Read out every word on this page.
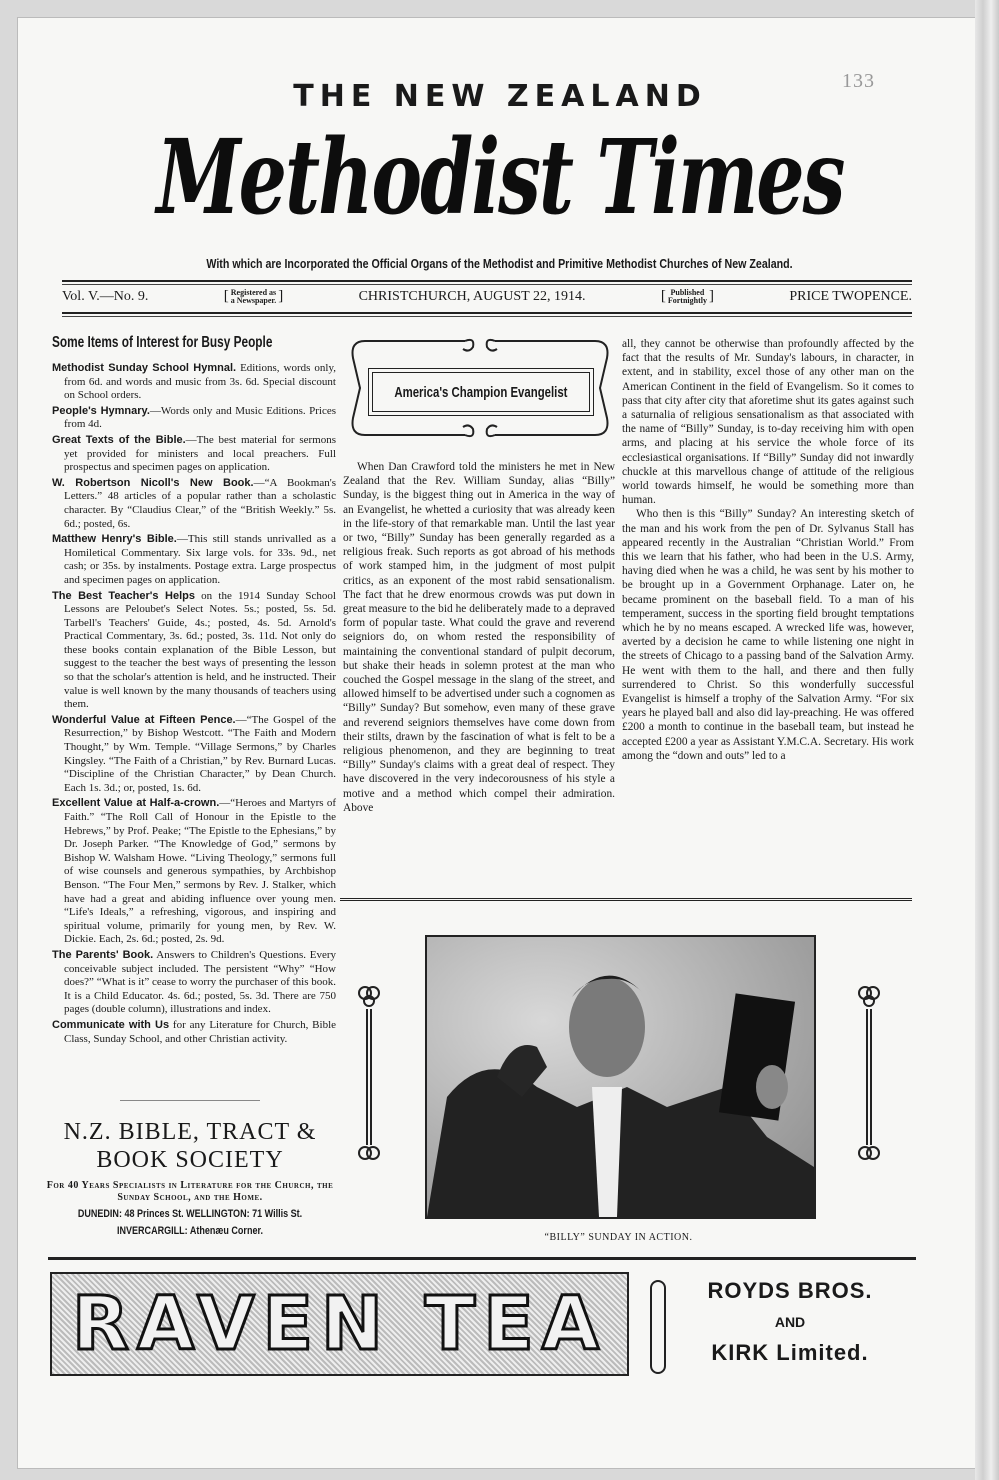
133
THE NEW ZEALAND
Methodist Times
With which are Incorporated the Official Organs of the Methodist and Primitive Methodist Churches of New Zealand.
Vol. V.—No. 9.	[ Registered as
a Newspaper. ]	CHRISTCHURCH, AUGUST 22, 1914.	[ Published
Fortnightly ]	PRICE TWOPENCE.
Some Items of Interest for Busy People

Methodist Sunday School Hymnal. Editions, words only, from 6d. and words and music from 3s. 6d. Special discount on School orders.

People's Hymnary.—Words only and Music Editions. Prices from 4d.

Great Texts of the Bible.—The best material for sermons yet provided for ministers and local preachers. Full prospectus and specimen pages on application.

W. Robertson Nicoll's New Book.—“A Bookman's Letters.” 48 articles of a popular rather than a scholastic character. By “Claudius Clear,” of the “British Weekly.” 5s. 6d.; posted, 6s.

Matthew Henry's Bible.—This still stands unrivalled as a Homiletical Commentary. Six large vols. for 33s. 9d., net cash; or 35s. by instalments. Postage extra. Large prospectus and specimen pages on application.

The Best Teacher's Helps on the 1914 Sunday School Lessons are Peloubet's Select Notes. 5s.; posted, 5s. 5d. Tarbell's Teachers' Guide, 4s.; posted, 4s. 5d. Arnold's Practical Commentary, 3s. 6d.; posted, 3s. 11d. Not only do these books contain explanation of the Bible Lesson, but suggest to the teacher the best ways of presenting the lesson so that the scholar's attention is held, and he instructed. Their value is well known by the many thousands of teachers using them.

Wonderful Value at Fifteen Pence.—“The Gospel of the Resurrection,” by Bishop Westcott. “The Faith and Modern Thought,” by Wm. Temple. “Village Sermons,” by Charles Kingsley. “The Faith of a Christian,” by Rev. Burnard Lucas. “Discipline of the Christian Character,” by Dean Church. Each 1s. 3d.; or, posted, 1s. 6d.

Excellent Value at Half-a-crown.—“Heroes and Martyrs of Faith.” “The Roll Call of Honour in the Epistle to the Hebrews,” by Prof. Peake; “The Epistle to the Ephesians,” by Dr. Joseph Parker. “The Knowledge of God,” sermons by Bishop W. Walsham Howe. “Living Theology,” sermons full of wise counsels and generous sympathies, by Archbishop Benson. “The Four Men,” sermons by Rev. J. Stalker, which have had a great and abiding influence over young men. “Life's Ideals,” a refreshing, vigorous, and inspiring and spiritual volume, primarily for young men, by Rev. W. Dickie. Each, 2s. 6d.; posted, 2s. 9d.

The Parents' Book. Answers to Children's Questions. Every conceivable subject included. The persistent “Why” “How does?” “What is it” cease to worry the purchaser of this book. It is a Child Educator. 4s. 6d.; posted, 5s. 3d. There are 750 pages (double column), illustrations and index.

Communicate with Us for any Literature for Church, Bible Class, Sunday School, and other Christian activity.

America's Champion Evangelist

When Dan Crawford told the ministers he met in New Zealand that the Rev. William Sunday, alias “Billy” Sunday, is the biggest thing out in America in the way of an Evangelist, he whetted a curiosity that was already keen in the life-story of that remarkable man. Until the last year or two, “Billy” Sunday has been generally regarded as a religious freak. Such reports as got abroad of his methods of work stamped him, in the judgment of most pulpit critics, as an exponent of the most rabid sensationalism. The fact that he drew enormous crowds was put down in great measure to the bid he deliberately made to a depraved form of popular taste. What could the grave and reverend seigniors do, on whom rested the responsibility of maintaining the conventional standard of pulpit decorum, but shake their heads in solemn protest at the man who couched the Gospel message in the slang of the street, and allowed himself to be advertised under such a cognomen as “Billy” Sunday? But somehow, even many of these grave and reverend seigniors themselves have come down from their stilts, drawn by the fascination of what is felt to be a religious phenomenon, and they are beginning to treat “Billy” Sunday's claims with a great deal of respect. They have discovered in the very indecorousness of his style a motive and a method which compel their admiration. Above

all, they cannot be otherwise than profoundly affected by the fact that the results of Mr. Sunday's labours, in character, in extent, and in stability, excel those of any other man on the American Continent in the field of Evangelism. So it comes to pass that city after city that aforetime shut its gates against such a saturnalia of religious sensationalism as that associated with the name of “Billy” Sunday, is to-day receiving him with open arms, and placing at his service the whole force of its ecclesiastical organisations. If “Billy” Sunday did not inwardly chuckle at this marvellous change of attitude of the religious world towards himself, he would be something more than human.

Who then is this “Billy” Sunday? An interesting sketch of the man and his work from the pen of Dr. Sylvanus Stall has appeared recently in the Australian “Christian World.” From this we learn that his father, who had been in the U.S. Army, having died when he was a child, he was sent by his mother to be brought up in a Government Orphanage. Later on, he became prominent on the baseball field. To a man of his temperament, success in the sporting field brought temptations which he by no means escaped. A wrecked life was, however, averted by a decision he came to while listening one night in the streets of Chicago to a passing band of the Salvation Army. He went with them to the hall, and there and then fully surrendered to Christ. So this wonderfully successful Evangelist is himself a trophy of the Salvation Army. “For six years he played ball and also did lay-preaching. He was offered £200 a month to continue in the baseball team, but instead he accepted £200 a year as Assistant Y.M.C.A. Secretary. His work among the “down and outs” led to a

“BILLY” SUNDAY IN ACTION.
N.Z. BIBLE, TRACT &
BOOK SOCIETY
For 40 Years Specialists in Literature for the Church, the Sunday School, and the Home.
DUNEDIN: 48 Princes St. WELLINGTON: 71 Willis St.
INVERCARGILL: Athenæu Corner.
RAVEN TEA	ROYDS BROS.
AND
KIRK Limited.
